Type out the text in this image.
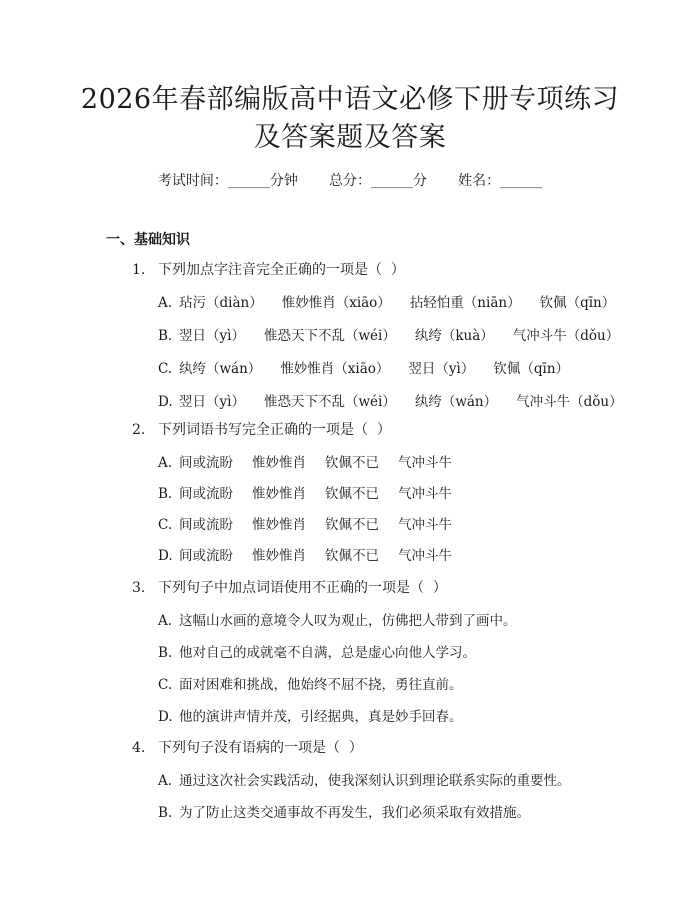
2026年春部编版高中语文必修下册专项练习
及答案题及答案
考试时间：______分钟 总分：______分 姓名：______
一、基础知识
1. 下列加点字注音完全正确的一项是（  ）
A. 玷污（diàn） 惟妙惟肖（xiāo） 拈轻怕重（niān） 钦佩（qīn）
B. 翌日（yì） 惟恐天下不乱（wéi） 纨绔（kuà） 气冲斗牛（dǒu）
C. 纨绔（wán） 惟妙惟肖（xiāo） 翌日（yì） 钦佩（qīn）
D. 翌日（yì） 惟恐天下不乱（wéi） 纨绔（wán） 气冲斗牛（dǒu）
2. 下列词语书写完全正确的一项是（  ）
A. 间或流盼 惟妙惟肖 钦佩不已 气冲斗牛
B. 间或流盼 惟妙惟肖 钦佩不已 气冲斗牛
C. 间或流盼 惟妙惟肖 钦佩不已 气冲斗牛
D. 间或流盼 惟妙惟肖 钦佩不已 气冲斗牛
3. 下列句子中加点词语使用不正确的一项是（  ）
A. 这幅山水画的意境令人叹为观止，仿佛把人带到了画中。
B. 他对自己的成就毫不自满，总是虚心向他人学习。
C. 面对困难和挑战，他始终不屈不挠，勇往直前。
D. 他的演讲声情并茂，引经据典，真是妙手回春。
4. 下列句子没有语病的一项是（  ）
A. 通过这次社会实践活动，使我深刻认识到理论联系实际的重要性。
B. 为了防止这类交通事故不再发生，我们必须采取有效措施。
